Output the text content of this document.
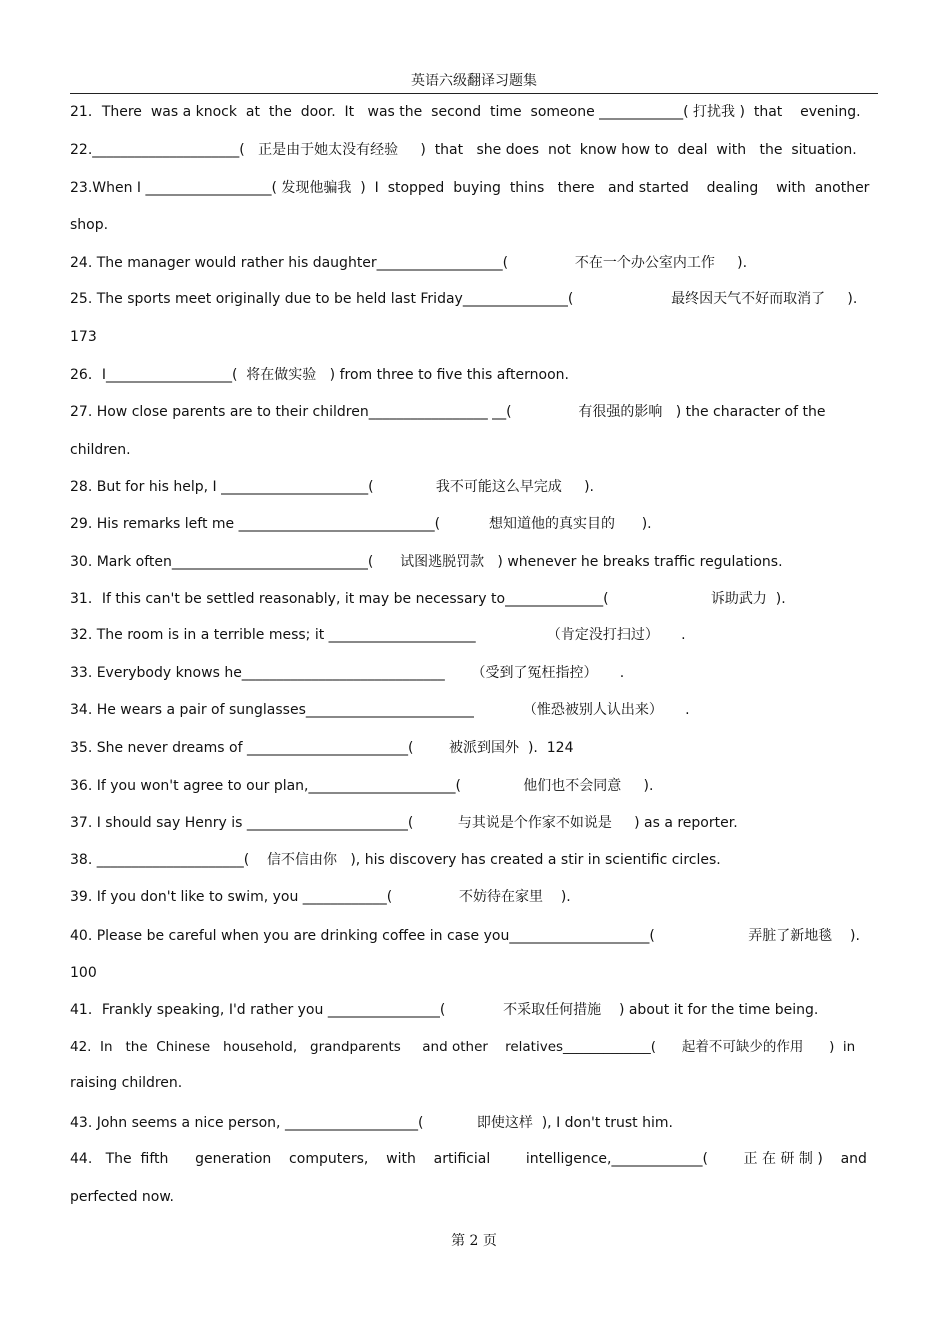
英语六级翻译习题集
21．There  was a knock  at  the  door.  It   was the  second  time  someone ____________( 打扰我 )  that    evening.
22._____________________(   正是由于她太没有经验     )  that   she does  not  know how to  deal  with   the  situation.
23.When I __________________( 发现他骗我  )  I  stopped  buying  thins   there   and started    dealing    with  another
shop.
24. The manager would rather his daughter__________________(               不在一个办公室内工作     ).
25. The sports meet originally due to be held last Friday_______________(                      最终因天气不好而取消了     ).
173
26．I__________________(  将在做实验   ) from three to five this afternoon.
27. How close parents are to their children_________________ __(               有很强的影响   ) the character of the
children.
28. But for his help, I _____________________(              我不可能这么早完成     ).
29. His remarks left me ____________________________(           想知道他的真实目的      ).
30. Mark often____________________________(      试图逃脱罚款   ) whenever he breaks traffic regulations.
31．If this can't be settled reasonably, it may be necessary to______________(                       诉助武力  ).
32. The room is in a terrible mess; it _____________________                （肯定没打扫过）     .
33. Everybody knows he_____________________________      （受到了冤枉指控）     .
34. He wears a pair of sunglasses________________________           （惟恐被别人认出来）     .
35. She never dreams of _______________________(        被派到国外  ).  124
36. If you won't agree to our plan,_____________________(              他们也不会同意     ).
37. I should say Henry is _______________________(          与其说是个作家不如说是     ) as a reporter.
38. _____________________(    信不信由你   ), his discovery has created a stir in scientific circles.
39. If you don't like to swim, you ____________(               不妨待在家里    ).
40. Please be careful when you are drinking coffee in case you____________________(                     弄脏了新地毯    ).
100
41．Frankly speaking, I'd rather you ________________(             不采取任何措施    ) about it for the time being.
42.  In   the  Chinese   household,   grandparents     and other    relatives_____________(      起着不可缺少的作用      )  in
raising children.
43. John seems a nice person, ___________________(            即使这样  ), I don't trust him.
44.   The  fifth      generation    computers,    with    artificial        intelligence,_____________(        正 在 研 制 )    and
perfected now.
第 2 页
